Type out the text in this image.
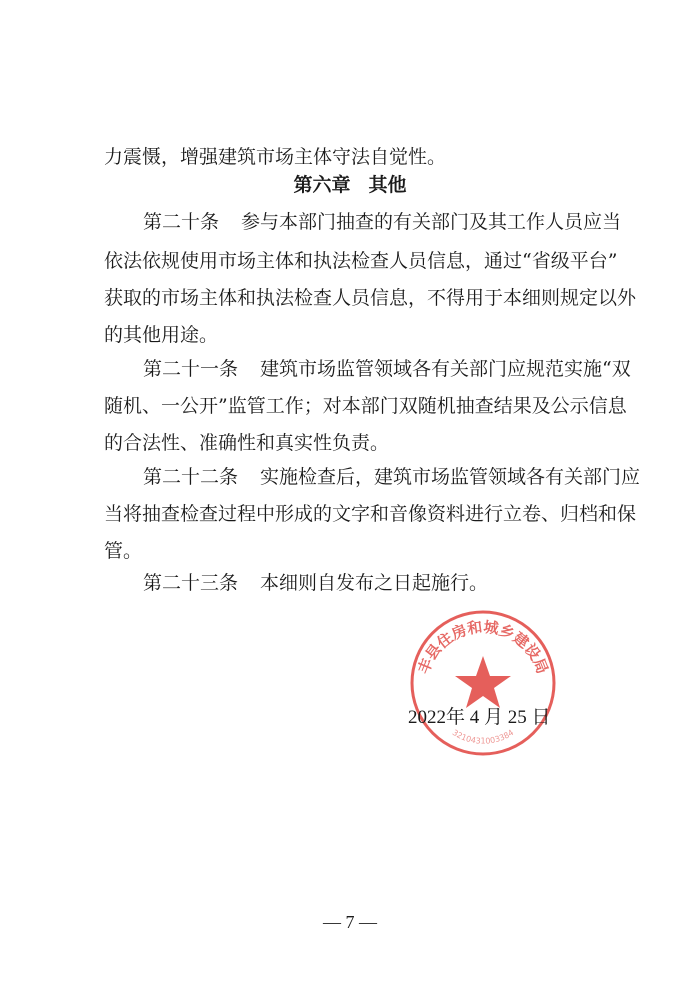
力震慑，增强建筑市场主体守法自觉性。
第六章 其他
第二十条 参与本部门抽查的有关部门及其工作人员应当
依法依规使用市场主体和执法检查人员信息，通过“省级平台”
获取的市场主体和执法检查人员信息，不得用于本细则规定以外
的其他用途。
第二十一条 建筑市场监管领域各有关部门应规范实施“双
随机、一公开”监管工作；对本部门双随机抽查结果及公示信息
的合法性、准确性和真实性负责。
第二十二条 实施检查后，建筑市场监管领域各有关部门应
当将抽查检查过程中形成的文字和音像资料进行立卷、归档和保
管。
第二十三条 本细则自发布之日起施行。
丰县住房和城乡建设局
3210431003384
2022年 4 月 25 日
— 7 —
